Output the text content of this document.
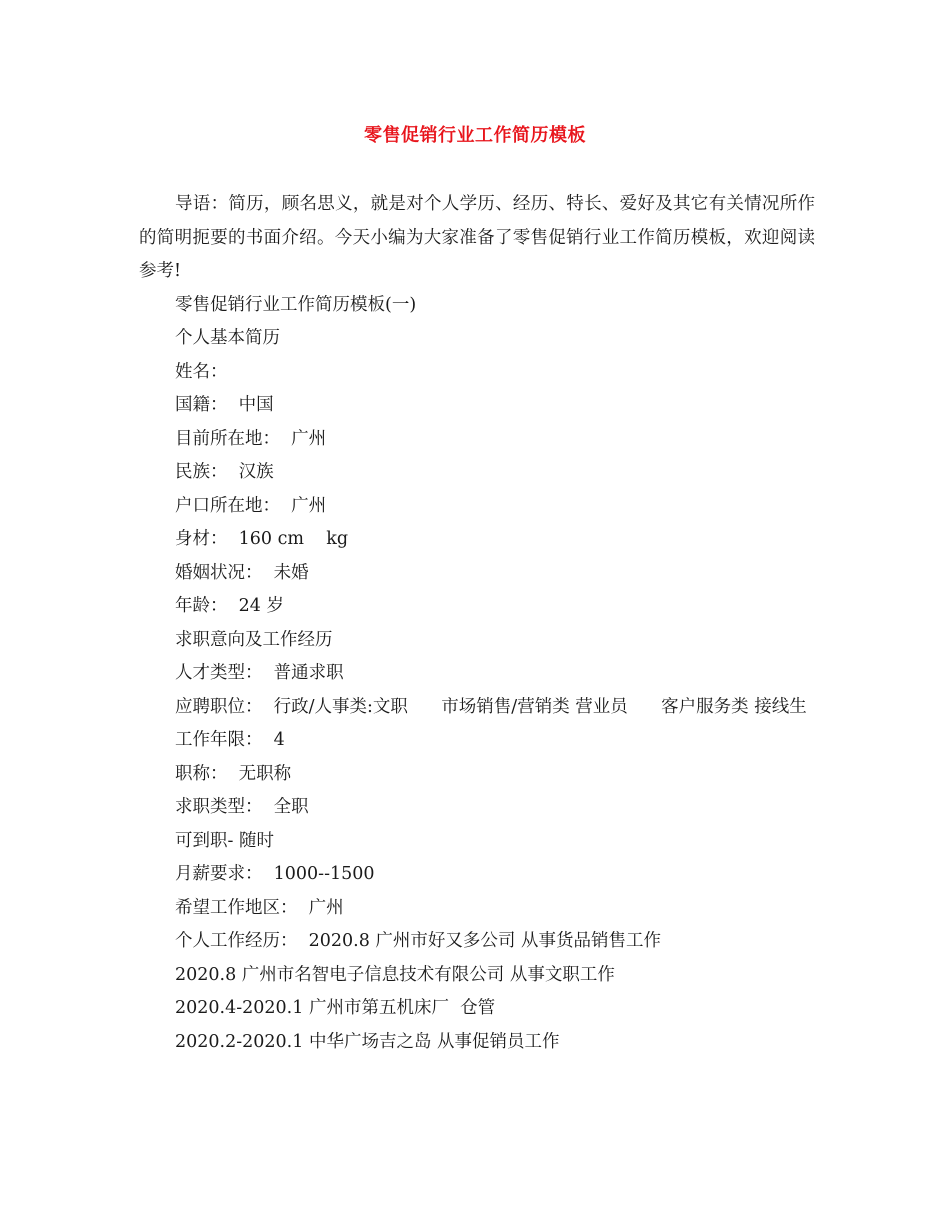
零售促销行业工作简历模板

导语：简历，顾名思义，就是对个人学历、经历、特长、爱好及其它有关情况所作的简明扼要的书面介绍。今天小编为大家准备了零售促销行业工作简历模板，欢迎阅读参考!

零售促销行业工作简历模板(一)

个人基本简历

姓名：

国籍：  中国

目前所在地：  广州

民族：  汉族

户口所在地：  广州

身材：  160 cm    kg

婚姻状况：  未婚

年龄：  24 岁

求职意向及工作经历

人才类型：  普通求职

应聘职位：  行政/人事类:文职      市场销售/营销类 营业员      客户服务类 接线生

工作年限：  4

职称：  无职称

求职类型：  全职

可到职- 随时

月薪要求：  1000--1500

希望工作地区：  广州

个人工作经历：  2020.8 广州市好又多公司 从事货品销售工作

2020.8 广州市名智电子信息技术有限公司 从事文职工作

2020.4-2020.1 广州市第五机床厂  仓管

2020.2-2020.1 中华广场吉之岛 从事促销员工作
